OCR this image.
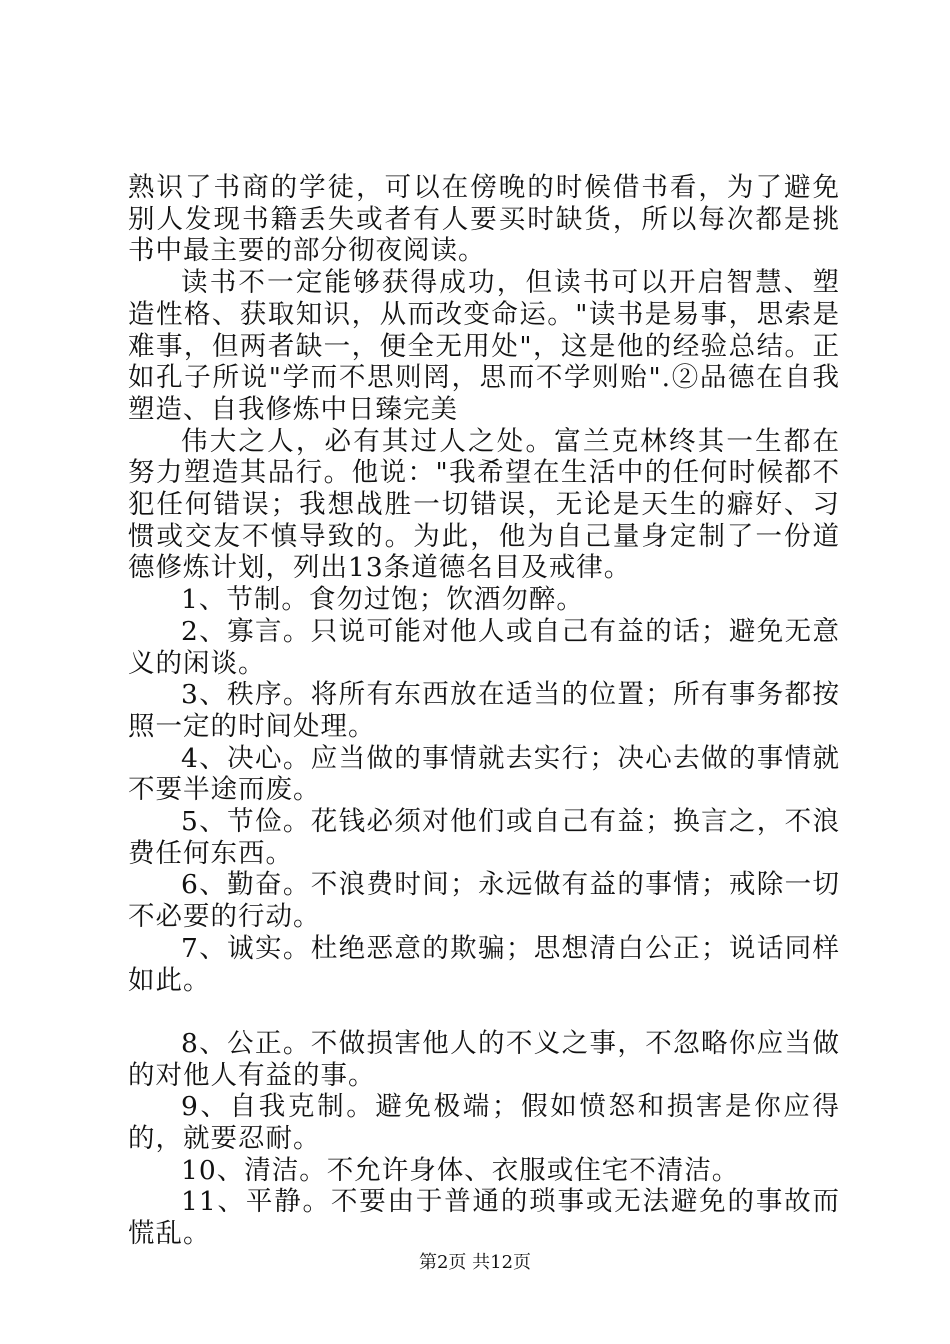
熟识了书商的学徒，可以在傍晚的时候借书看，为了避免别人发现书籍丢失或者有人要买时缺货，所以每次都是挑书中最主要的部分彻夜阅读。

读书不一定能够获得成功，但读书可以开启智慧、塑造性格、获取知识，从而改变命运。"读书是易事，思索是难事，但两者缺一，便全无用处"，这是他的经验总结。正如孔子所说"学而不思则罔，思而不学则贻".②品德在自我塑造、自我修炼中日臻完美

伟大之人，必有其过人之处。富兰克林终其一生都在努力塑造其品行。他说："我希望在生活中的任何时候都不犯任何错误；我想战胜一切错误，无论是天生的癖好、习惯或交友不慎导致的。为此，他为自己量身定制了一份道德修炼计划，列出13条道德名目及戒律。

1、节制。食勿过饱；饮酒勿醉。

2、寡言。只说可能对他人或自己有益的话；避免无意义的闲谈。

3、秩序。将所有东西放在适当的位置；所有事务都按照一定的时间处理。

4、决心。应当做的事情就去实行；决心去做的事情就不要半途而废。

5、节俭。花钱必须对他们或自己有益；换言之，不浪费任何东西。

6、勤奋。不浪费时间；永远做有益的事情；戒除一切不必要的行动。

7、诚实。杜绝恶意的欺骗；思想清白公正；说话同样如此。

8、公正。不做损害他人的不义之事，不忽略你应当做的对他人有益的事。

9、自我克制。避免极端；假如愤怒和损害是你应得的，就要忍耐。

10、清洁。不允许身体、衣服或住宅不清洁。

11、平静。不要由于普通的琐事或无法避免的事故而慌乱。

第2页 共12页
